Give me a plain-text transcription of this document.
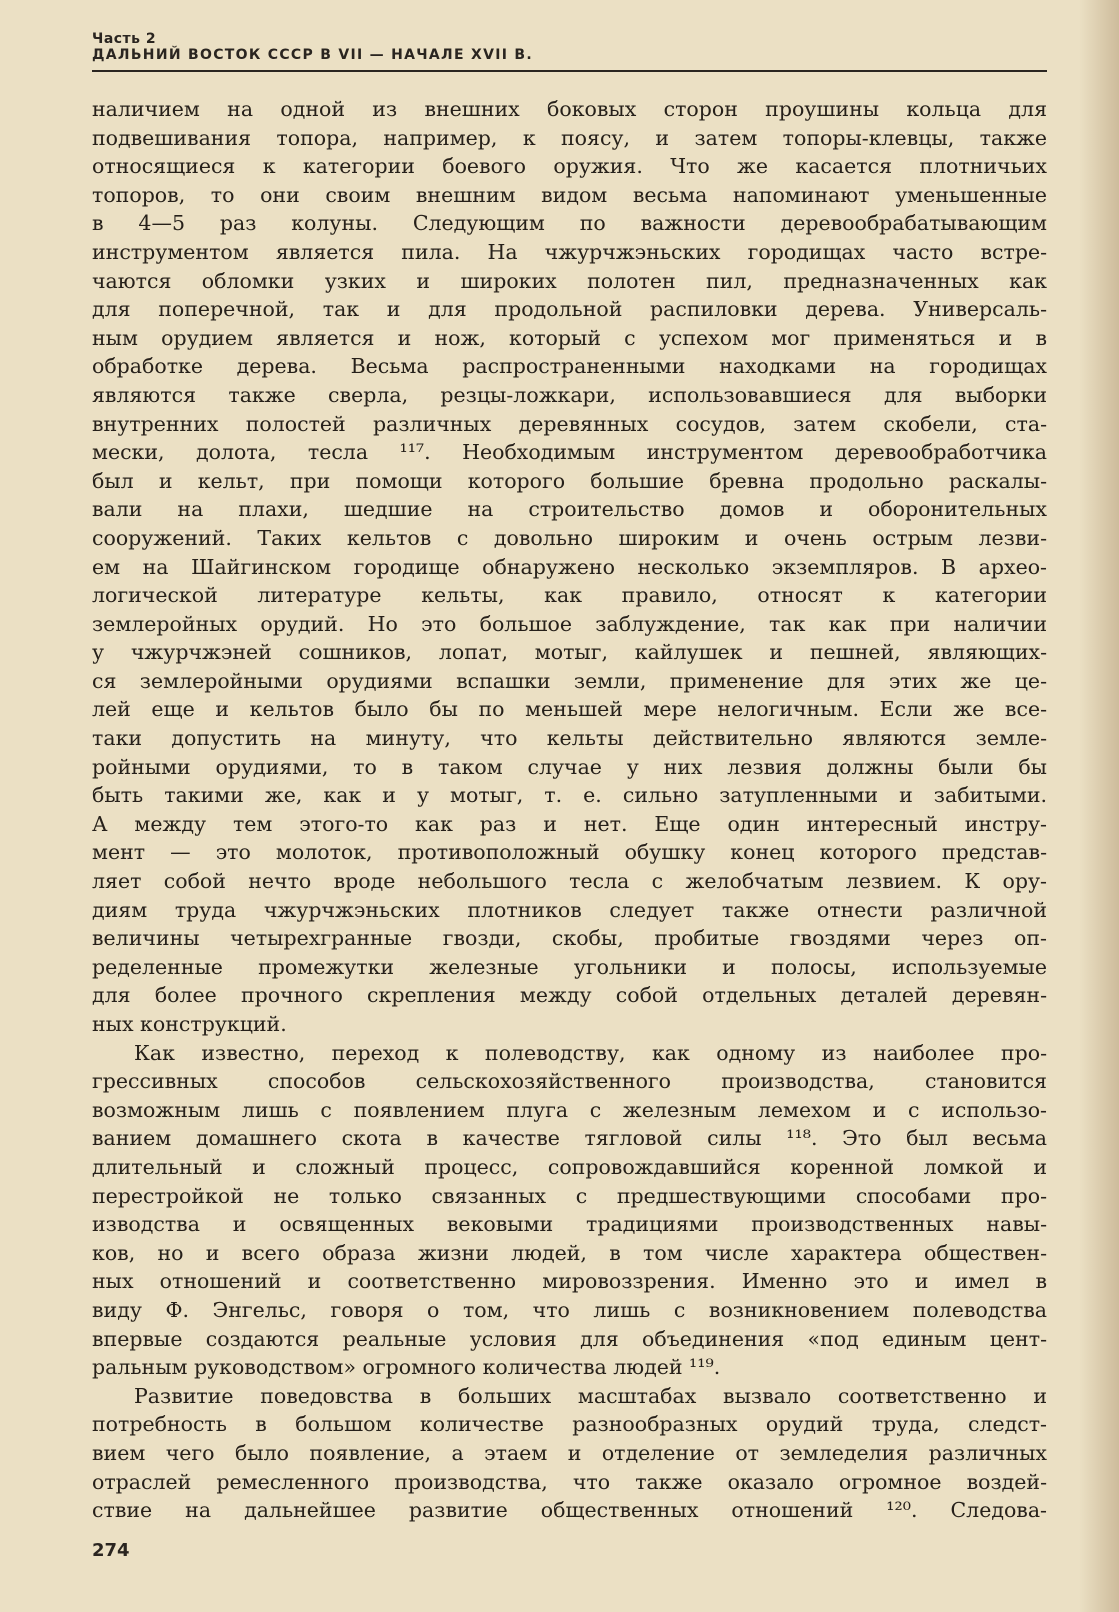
Часть 2
ДАЛЬНИЙ ВОСТОК СССР В VII — НАЧАЛЕ XVII В.

наличием на одной из внешних боковых сторон проушины кольца для

подвешивания топора, например, к поясу, и затем топоры-клевцы, также

относящиеся к категории боевого оружия. Что же касается плотничьих

топоров, то они своим внешним видом весьма напоминают уменьшенные

в 4—5 раз колуны. Следующим по важности деревообрабатывающим

инструментом является пила. На чжурчжэньских городищах часто встре-

чаются обломки узких и широких полотен пил, предназначенных как

для поперечной, так и для продольной распиловки дерева. Универсаль-

ным орудием является и нож, который с успехом мог применяться и в

обработке дерева. Весьма распространенными находками на городищах

являются также сверла, резцы-ложкари, использовавшиеся для выборки

внутренних полостей различных деревянных сосудов, затем скобели, ста-

мески, долота, тесла ¹¹⁷. Необходимым инструментом деревообработчика

был и кельт, при помощи которого большие бревна продольно раскалы-

вали на плахи, шедшие на строительство домов и оборонительных

сооружений. Таких кельтов с довольно широким и очень острым лезви-

ем на Шайгинском городище обнаружено несколько экземпляров. В архео-

логической литературе кельты, как правило, относят к категории

землеройных орудий. Но это большое заблуждение, так как при наличии

у чжурчжэней сошников, лопат, мотыг, кайлушек и пешней, являющих-

ся землеройными орудиями вспашки земли, применение для этих же це-

лей еще и кельтов было бы по меньшей мере нелогичным. Если же все-

таки допустить на минуту, что кельты действительно являются земле-

ройными орудиями, то в таком случае у них лезвия должны были бы

быть такими же, как и у мотыг, т. е. сильно затупленными и забитыми.

А между тем этого-то как раз и нет. Еще один интересный инстру-

мент — это молоток, противоположный обушку конец которого представ-

ляет собой нечто вроде небольшого тесла с желобчатым лезвием. К ору-

диям труда чжурчжэньских плотников следует также отнести различной

величины четырехгранные гвозди, скобы, пробитые гвоздями через оп-

ределенные промежутки железные угольники и полосы, используемые

для более прочного скрепления между собой отдельных деталей деревян-

ных конструкций.

Как известно, переход к полеводству, как одному из наиболее про-

грессивных способов сельскохозяйственного производства, становится

возможным лишь с появлением плуга с железным лемехом и с использо-

ванием домашнего скота в качестве тягловой силы ¹¹⁸. Это был весьма

длительный и сложный процесс, сопровождавшийся коренной ломкой и

перестройкой не только связанных с предшествующими способами про-

изводства и освященных вековыми традициями производственных навы-

ков, но и всего образа жизни людей, в том числе характера обществен-

ных отношений и соответственно мировоззрения. Именно это и имел в

виду Ф. Энгельс, говоря о том, что лишь с возникновением полеводства

впервые создаются реальные условия для объединения «под единым цент-

ральным руководством» огромного количества людей ¹¹⁹.

Развитие поведовства в больших масштабах вызвало соответственно и

потребность в большом количестве разнообразных орудий труда, следст-

вием чего было появление, а этаем и отделение от земледелия различных

отраслей ремесленного производства, что также оказало огромное воздей-

ствие на дальнейшее развитие общественных отношений ¹²⁰. Следова-

274
